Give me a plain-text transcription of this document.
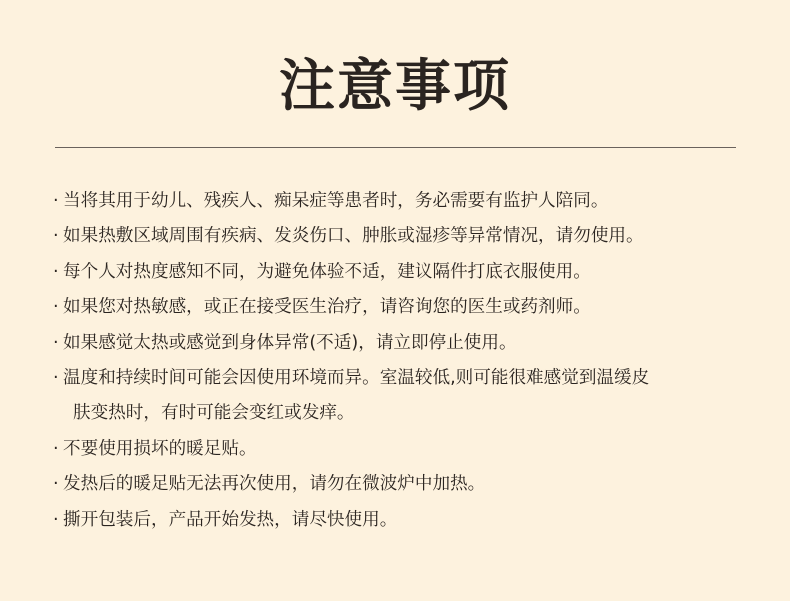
注意事项
· 当将其用于幼儿、残疾人、痴呆症等患者时，务必需要有监护人陪同。
· 如果热敷区域周围有疾病、发炎伤口、肿胀或湿疹等异常情况，请勿使用。
· 每个人对热度感知不同，为避免体验不适，建议隔件打底衣服使用。
· 如果您对热敏感，或正在接受医生治疗，请咨询您的医生或药剂师。
· 如果感觉太热或感觉到身体异常(不适)，请立即停止使用。
· 温度和持续时间可能会因使用环境而异。室温较低,则可能很难感觉到温缓皮
肤变热时，有时可能会变红或发痒。
· 不要使用损坏的暖足贴。
· 发热后的暖足贴无法再次使用，请勿在微波炉中加热。
· 撕开包装后，产品开始发热，请尽快使用。
